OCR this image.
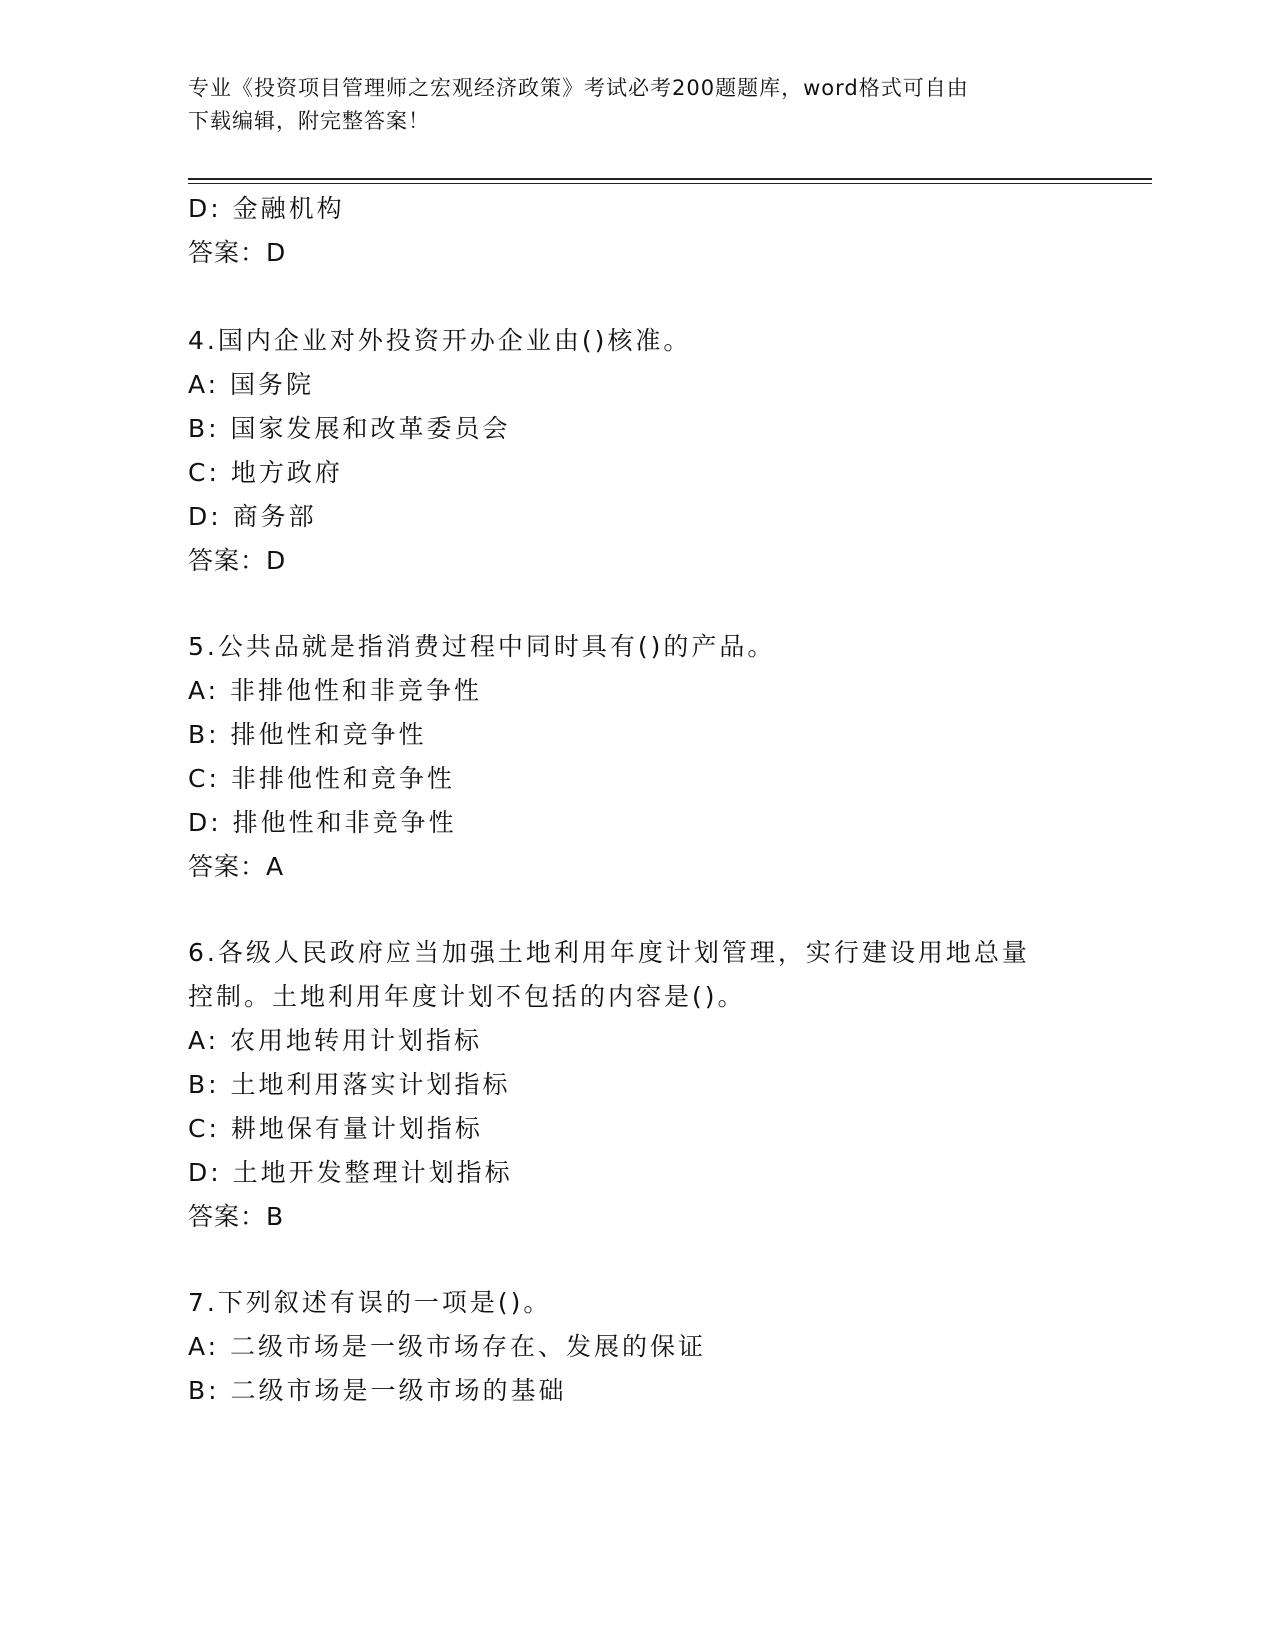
专业《投资项目管理师之宏观经济政策》考试必考200题题库，word格式可自由
下载编辑，附完整答案！
D: 金融机构
答案：D
4.国内企业对外投资开办企业由()核准。
A: 国务院
B: 国家发展和改革委员会
C: 地方政府
D: 商务部
答案：D
5.公共品就是指消费过程中同时具有()的产品。
A: 非排他性和非竞争性
B: 排他性和竞争性
C: 非排他性和竞争性
D: 排他性和非竞争性
答案：A
6.各级人民政府应当加强土地利用年度计划管理，实行建设用地总量
控制。土地利用年度计划不包括的内容是()。
A: 农用地转用计划指标
B: 土地利用落实计划指标
C: 耕地保有量计划指标
D: 土地开发整理计划指标
答案：B
7.下列叙述有误的一项是()。
A: 二级市场是一级市场存在、发展的保证
B: 二级市场是一级市场的基础
